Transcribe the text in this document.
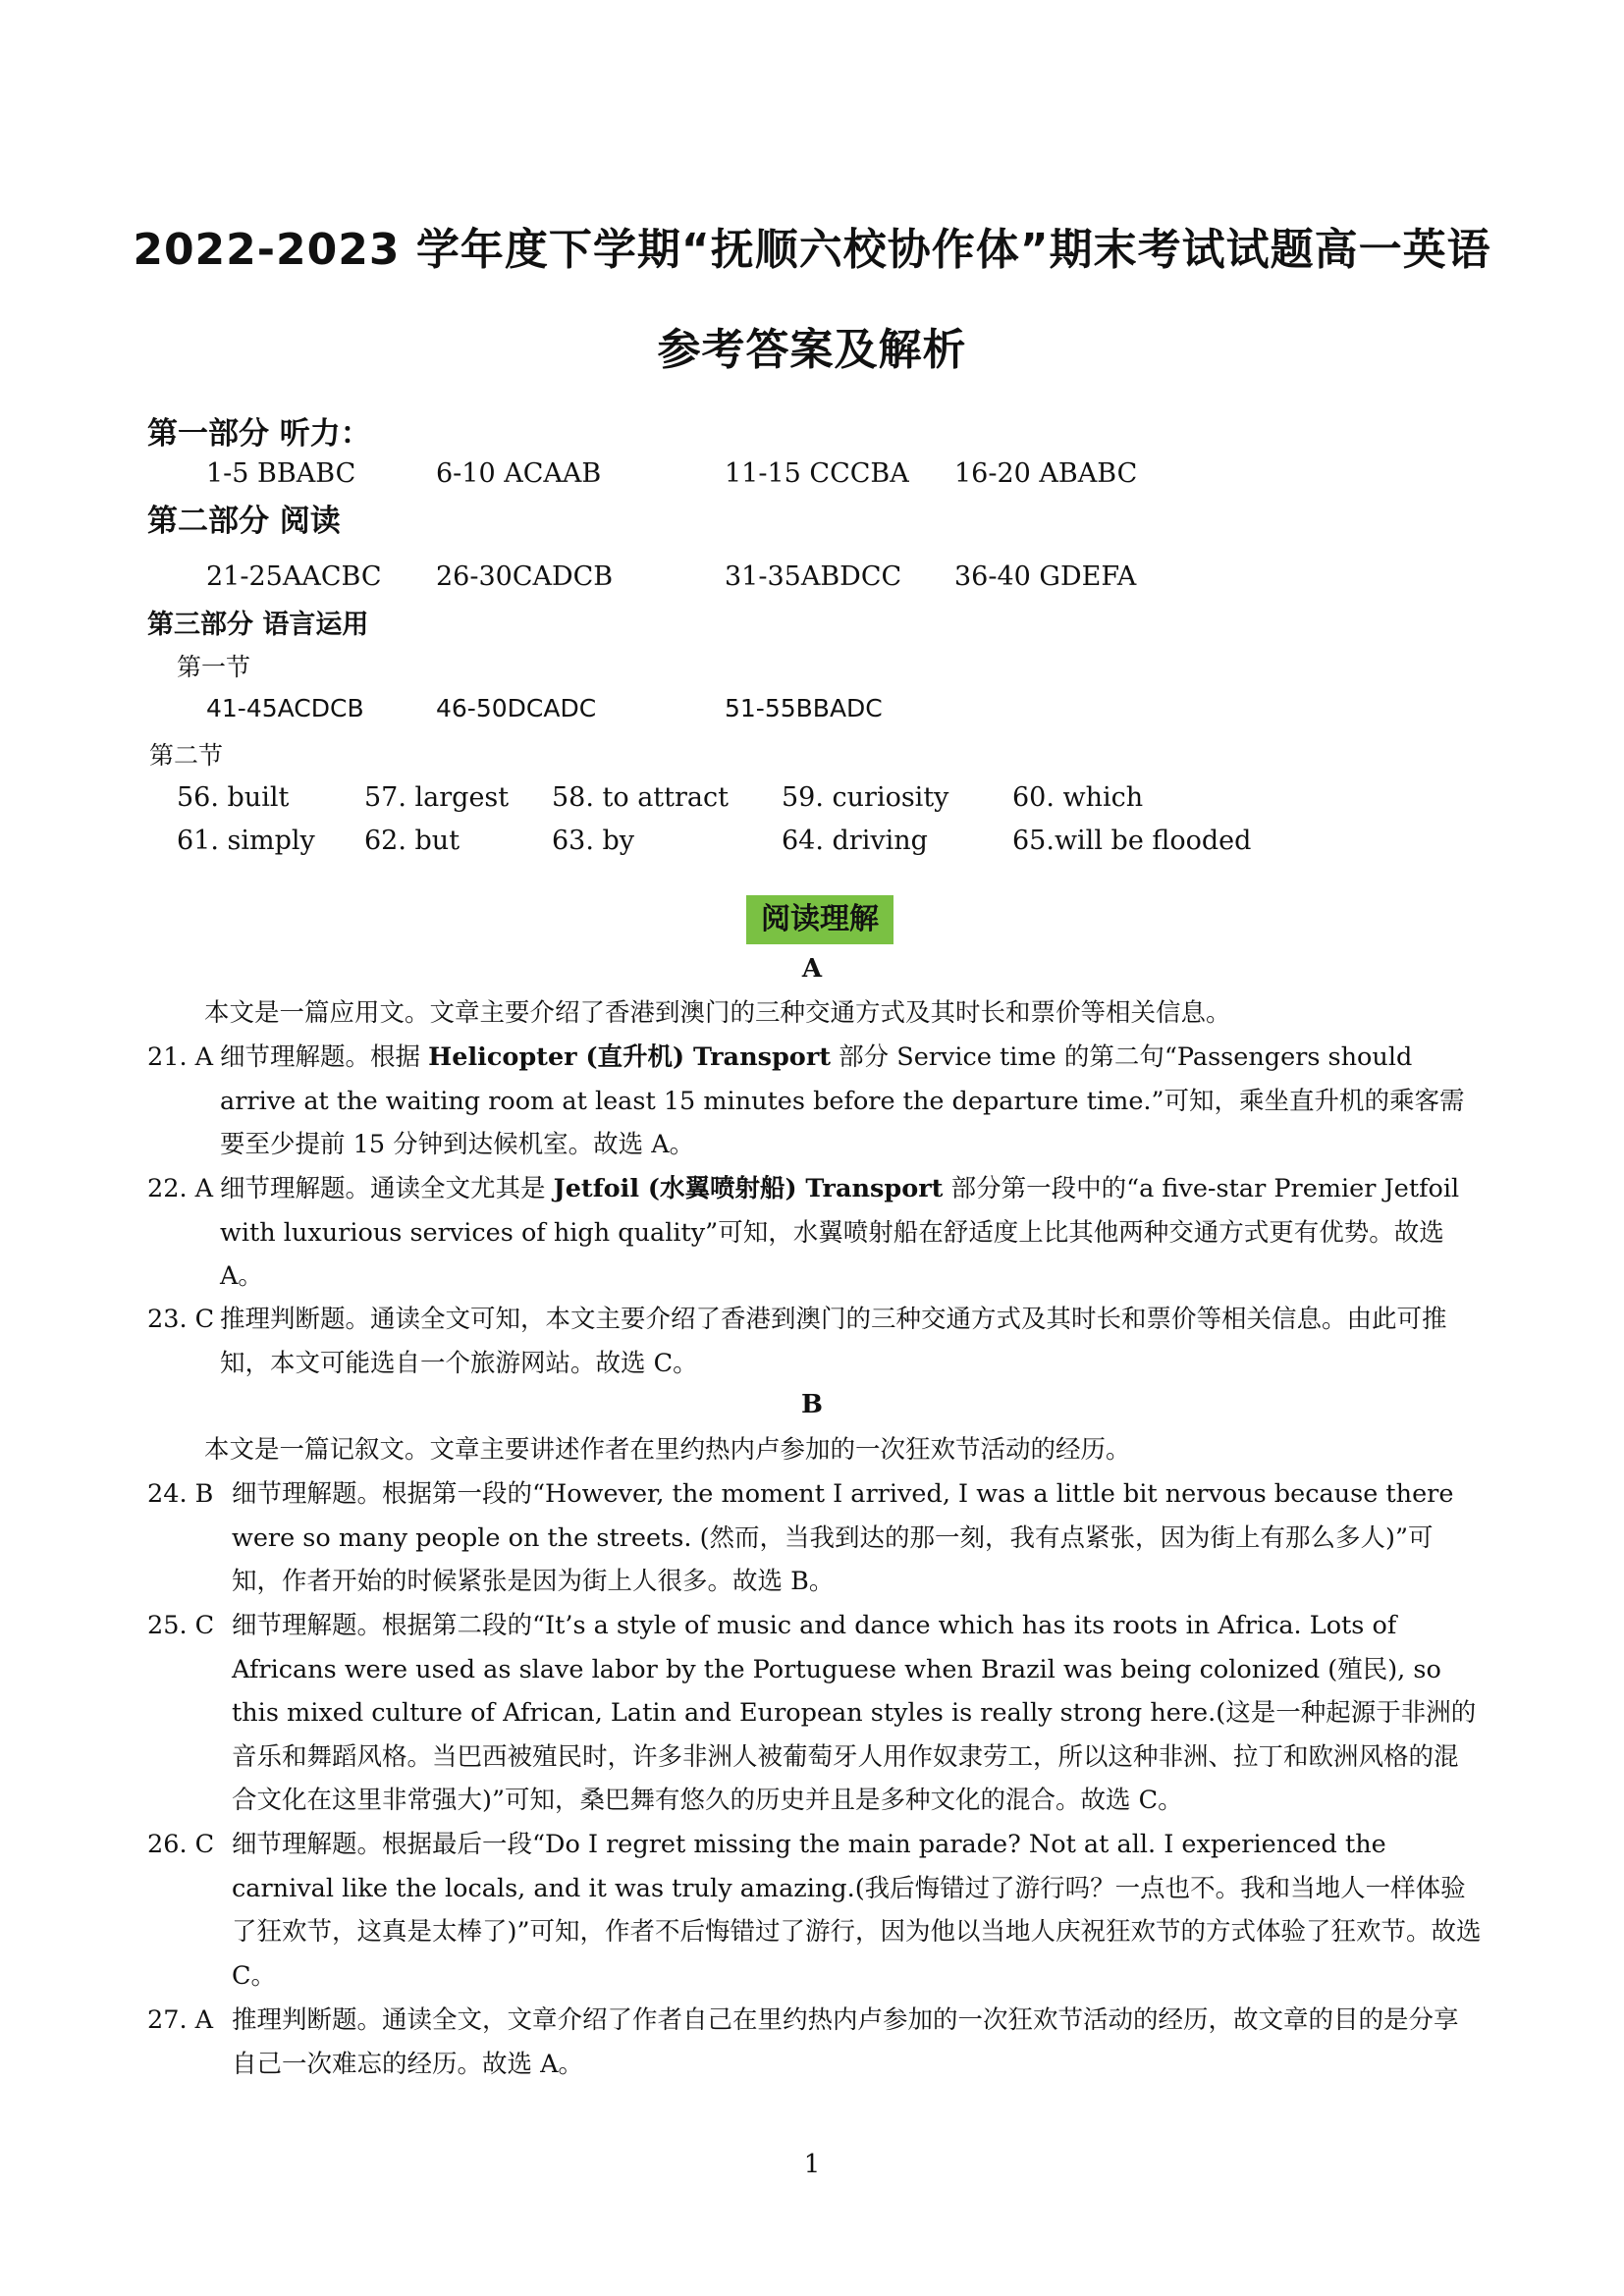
2022-2023 学年度下学期“抚顺六校协作体”期末考试试题高一英语
参考答案及解析
第一部分 听力：
1-5 BBABC	6-10 ACAAB	11-15 CCCBA 16-20 ABABC
第二部分 阅读
21-25AACBC 26-30CADCB	31-35ABDCC 36-40 GDEFA
第三部分 语言运用
第一节
41-45ACDCB	46-50DCADC	51-55BBADC
第二节
56. built	57. largest 58. to attract 59. curiosity 60. which
61. simply 62. but	63. by	64. driving	65.will be flooded
阅读理解
A
本文是一篇应用文。文章主要介绍了香港到澳门的三种交通方式及其时长和票价等相关信息。
21. A 细节理解题。根据 Helicopter (直升机) Transport 部分 Service time 的第二句“Passengers should arrive at the waiting room at least 15 minutes before the departure time.”可知，乘坐直升机的乘客需要至少提前 15 分钟到达候机室。故选 A。
22. A 细节理解题。通读全文尤其是 Jetfoil (水翼喷射船) Transport 部分第一段中的“a five-star Premier Jetfoil with luxurious services of high quality”可知，水翼喷射船在舒适度上比其他两种交通方式更有优势。故选 A。
23. C 推理判断题。通读全文可知，本文主要介绍了香港到澳门的三种交通方式及其时长和票价等相关信息。由此可推知，本文可能选自一个旅游网站。故选 C。
B
本文是一篇记叙文。文章主要讲述作者在里约热内卢参加的一次狂欢节活动的经历。
24. B 细节理解题。根据第一段的“However, the moment I arrived, I was a little bit nervous because there were so many people on the streets. (然而，当我到达的那一刻，我有点紧张，因为街上有那么多人)”可知，作者开始的时候紧张是因为街上人很多。故选 B。
25. C 细节理解题。根据第二段的“It’s a style of music and dance which has its roots in Africa. Lots of Africans were used as slave labor by the Portuguese when Brazil was being colonized (殖民), so this mixed culture of African, Latin and European styles is really strong here.(这是一种起源于非洲的音乐和舞蹈风格。当巴西被殖民时，许多非洲人被葡萄牙人用作奴隶劳工，所以这种非洲、拉丁和欧洲风格的混合文化在这里非常强大)”可知，桑巴舞有悠久的历史并且是多种文化的混合。故选 C。
26. C 细节理解题。根据最后一段“Do I regret missing the main parade? Not at all. I experienced the carnival like the locals, and it was truly amazing.(我后悔错过了游行吗？一点也不。我和当地人一样体验了狂欢节，这真是太棒了)”可知，作者不后悔错过了游行，因为他以当地人庆祝狂欢节的方式体验了狂欢节。故选 C。
27. A 推理判断题。通读全文，文章介绍了作者自己在里约热内卢参加的一次狂欢节活动的经历，故文章的目的是分享自己一次难忘的经历。故选 A。
1
